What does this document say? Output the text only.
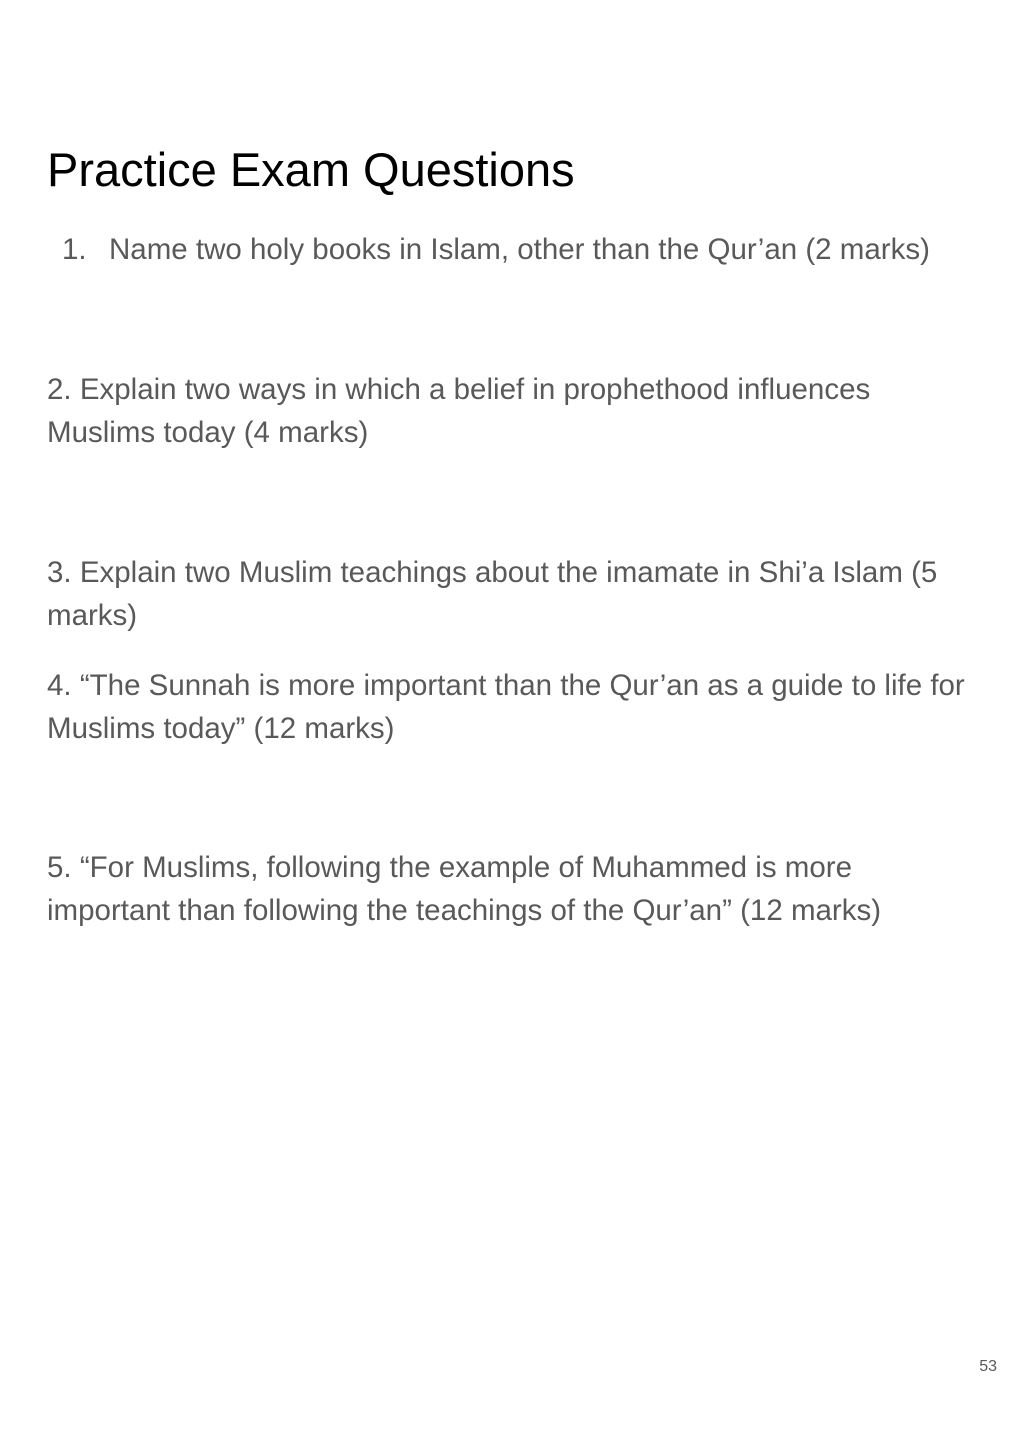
Practice Exam Questions

1. Name two holy books in Islam, other than the Qur’an (2 marks)

2. Explain two ways in which a belief in prophethood influences Muslims today (4 marks)

3. Explain two Muslim teachings about the imamate in Shi’a Islam (5 marks)

4. “The Sunnah is more important than the Qur’an as a guide to life for Muslims today” (12 marks)

5. “For Muslims, following the example of Muhammed is more important than following the teachings of the Qur’an” (12 marks)

53
